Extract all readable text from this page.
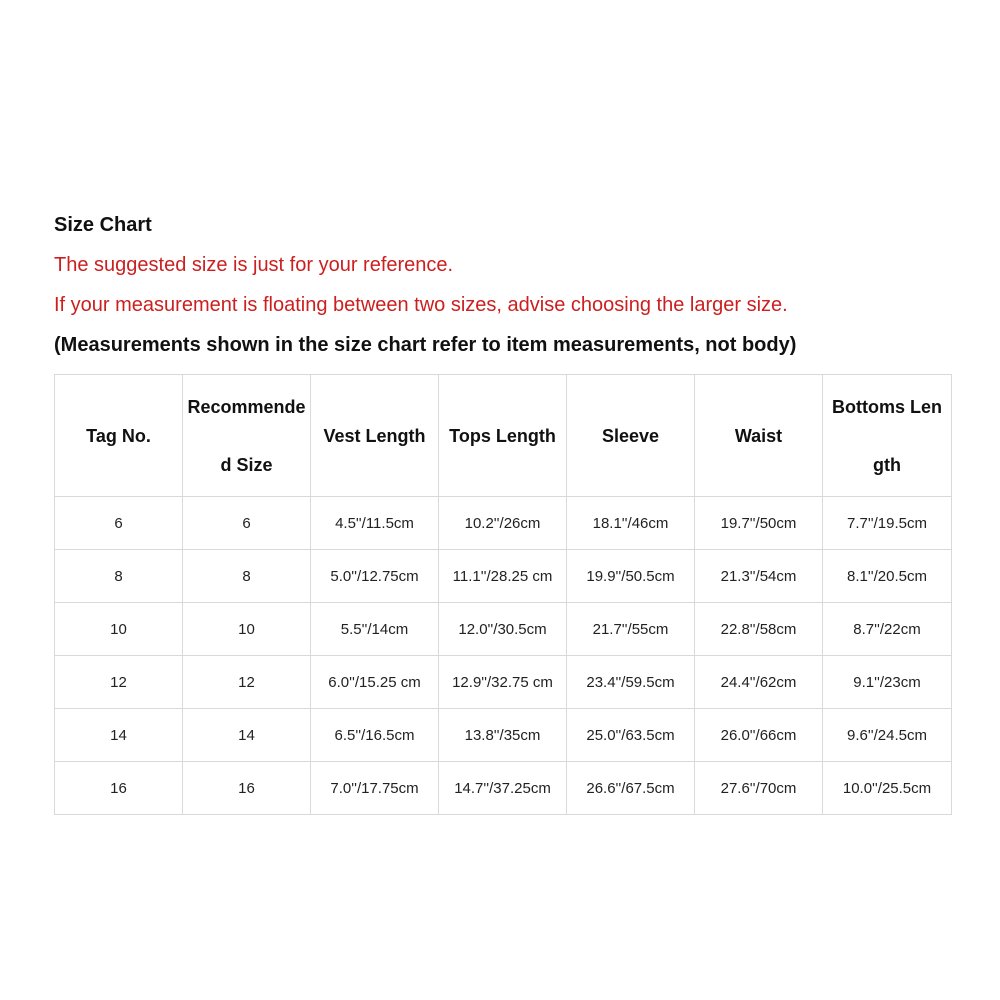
Size Chart
The suggested size is just for your reference.
If your measurement is floating between two sizes, advise choosing the larger size.
(Measurements shown in the size chart refer to item measurements, not body)
Tag No.	Recommended Size	Vest Length	Tops Length	Sleeve	Waist	Bottoms Length
6	6	4.5''/11.5cm	10.2''/26cm	18.1''/46cm	19.7''/50cm	7.7''/19.5cm
8	8	5.0''/12.75cm	11.1''/28.25 cm	19.9''/50.5cm	21.3''/54cm	8.1''/20.5cm
10	10	5.5''/14cm	12.0''/30.5cm	21.7''/55cm	22.8''/58cm	8.7''/22cm
12	12	6.0''/15.25 cm	12.9''/32.75 cm	23.4''/59.5cm	24.4''/62cm	9.1''/23cm
14	14	6.5''/16.5cm	13.8''/35cm	25.0''/63.5cm	26.0''/66cm	9.6''/24.5cm
16	16	7.0''/17.75cm	14.7''/37.25cm	26.6''/67.5cm	27.6''/70cm	10.0''/25.5cm
